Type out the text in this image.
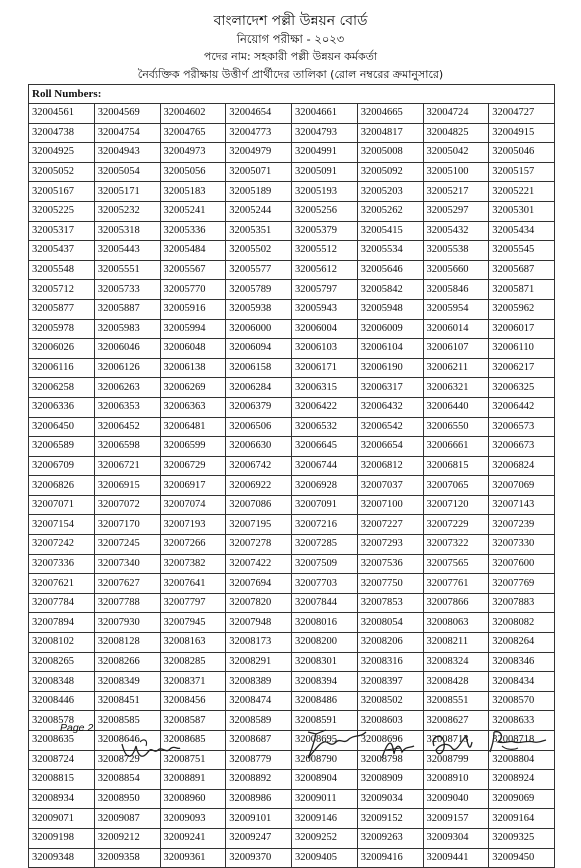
বাংলাদেশ পল্লী উন্নয়ন বোর্ড
নিয়োগ পরীক্ষা - ২০২৩
পদের নাম: সহকারী পল্লী উন্নয়ন কর্মকর্তা
নৈর্ব্যক্তিক পরীক্ষায় উত্তীর্ণ প্রার্থীদের তালিকা (রোল নম্বরের ক্রমানুসারে)
Roll Numbers:							
32004561	32004569	32004602	32004654	32004661	32004665	32004724	32004727
32004738	32004754	32004765	32004773	32004793	32004817	32004825	32004915
32004925	32004943	32004973	32004979	32004991	32005008	32005042	32005046
32005052	32005054	32005056	32005071	32005091	32005092	32005100	32005157
32005167	32005171	32005183	32005189	32005193	32005203	32005217	32005221
32005225	32005232	32005241	32005244	32005256	32005262	32005297	32005301
32005317	32005318	32005336	32005351	32005379	32005415	32005432	32005434
32005437	32005443	32005484	32005502	32005512	32005534	32005538	32005545
32005548	32005551	32005567	32005577	32005612	32005646	32005660	32005687
32005712	32005733	32005770	32005789	32005797	32005842	32005846	32005871
32005877	32005887	32005916	32005938	32005943	32005948	32005954	32005962
32005978	32005983	32005994	32006000	32006004	32006009	32006014	32006017
32006026	32006046	32006048	32006094	32006103	32006104	32006107	32006110
32006116	32006126	32006138	32006158	32006171	32006190	32006211	32006217
32006258	32006263	32006269	32006284	32006315	32006317	32006321	32006325
32006336	32006353	32006363	32006379	32006422	32006432	32006440	32006442
32006450	32006452	32006481	32006506	32006532	32006542	32006550	32006573
32006589	32006598	32006599	32006630	32006645	32006654	32006661	32006673
32006709	32006721	32006729	32006742	32006744	32006812	32006815	32006824
32006826	32006915	32006917	32006922	32006928	32007037	32007065	32007069
32007071	32007072	32007074	32007086	32007091	32007100	32007120	32007143
32007154	32007170	32007193	32007195	32007216	32007227	32007229	32007239
32007242	32007245	32007266	32007278	32007285	32007293	32007322	32007330
32007336	32007340	32007382	32007422	32007509	32007536	32007565	32007600
32007621	32007627	32007641	32007694	32007703	32007750	32007761	32007769
32007784	32007788	32007797	32007820	32007844	32007853	32007866	32007883
32007894	32007930	32007945	32007948	32008016	32008054	32008063	32008082
32008102	32008128	32008163	32008173	32008200	32008206	32008211	32008264
32008265	32008266	32008285	32008291	32008301	32008316	32008324	32008346
32008348	32008349	32008371	32008389	32008394	32008397	32008428	32008434
32008446	32008451	32008456	32008474	32008486	32008502	32008551	32008570
32008578	32008585	32008587	32008589	32008591	32008603	32008627	32008633
32008635	32008646	32008685	32008687	32008695	32008696	32008713	32008718
32008724	32008729	32008751	32008779	32008790	32008798	32008799	32008804
32008815	32008854	32008891	32008892	32008904	32008909	32008910	32008924
32008934	32008950	32008960	32008986	32009011	32009034	32009040	32009069
32009071	32009087	32009093	32009101	32009146	32009152	32009157	32009164
32009198	32009212	32009241	32009247	32009252	32009263	32009304	32009325
32009348	32009358	32009361	32009370	32009405	32009416	32009441	32009450
Page 2
